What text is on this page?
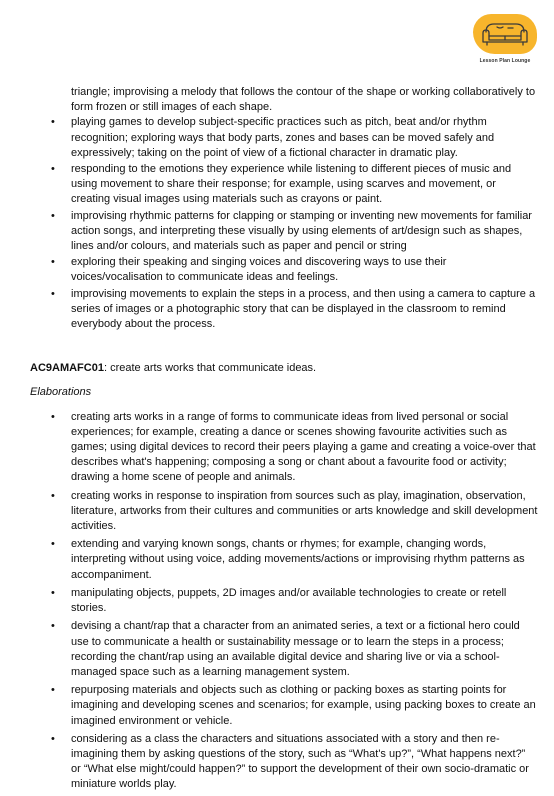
Lesson Plan Lounge

triangle; improvising a melody that follows the contour of the shape or working collaboratively to form frozen or still images of each shape.

• playing games to develop subject-specific practices such as pitch, beat and/or rhythm recognition; exploring ways that body parts, zones and bases can be moved safely and expressively; taking on the point of view of a fictional character in dramatic play.
• responding to the emotions they experience while listening to different pieces of music and using movement to share their response; for example, using scarves and movement, or creating visual images using materials such as crayons or paint.
• improvising rhythmic patterns for clapping or stamping or inventing new movements for familiar action songs, and interpreting these visually by using elements of art/design such as shapes, lines and/or colours, and materials such as paper and pencil or string
• exploring their speaking and singing voices and discovering ways to use their voices/vocalisation to communicate ideas and feelings.
• improvising movements to explain the steps in a process, and then using a camera to capture a series of images or a photographic story that can be displayed in the classroom to remind everybody about the process.
AC9AMAFC01: create arts works that communicate ideas.
Elaborations
• creating arts works in a range of forms to communicate ideas from lived personal or social experiences; for example, creating a dance or scenes showing favourite activities such as games; using digital devices to record their peers playing a game and creating a voice-over that describes what's happening; composing a song or chant about a favourite food or activity; drawing a home scene of people and animals.
• creating works in response to inspiration from sources such as play, imagination, observation, literature, artworks from their cultures and communities or arts knowledge and skill development activities.
• extending and varying known songs, chants or rhymes; for example, changing words, interpreting without using voice, adding movements/actions or improvising rhythm patterns as accompaniment.
• manipulating objects, puppets, 2D images and/or available technologies to create or retell stories.
• devising a chant/rap that a character from an animated series, a text or a fictional hero could use to communicate a health or sustainability message or to learn the steps in a process; recording the chant/rap using an available digital device and sharing live or via a school-managed space such as a learning management system.
• repurposing materials and objects such as clothing or packing boxes as starting points for imagining and developing scenes and scenarios; for example, using packing boxes to create an imagined environment or vehicle.
• considering as a class the characters and situations associated with a story and then re-imagining them by asking questions of the story, such as “What's up?”, “What happens next?” or “What else might/could happen?” to support the development of their own socio-dramatic or miniature worlds play.
